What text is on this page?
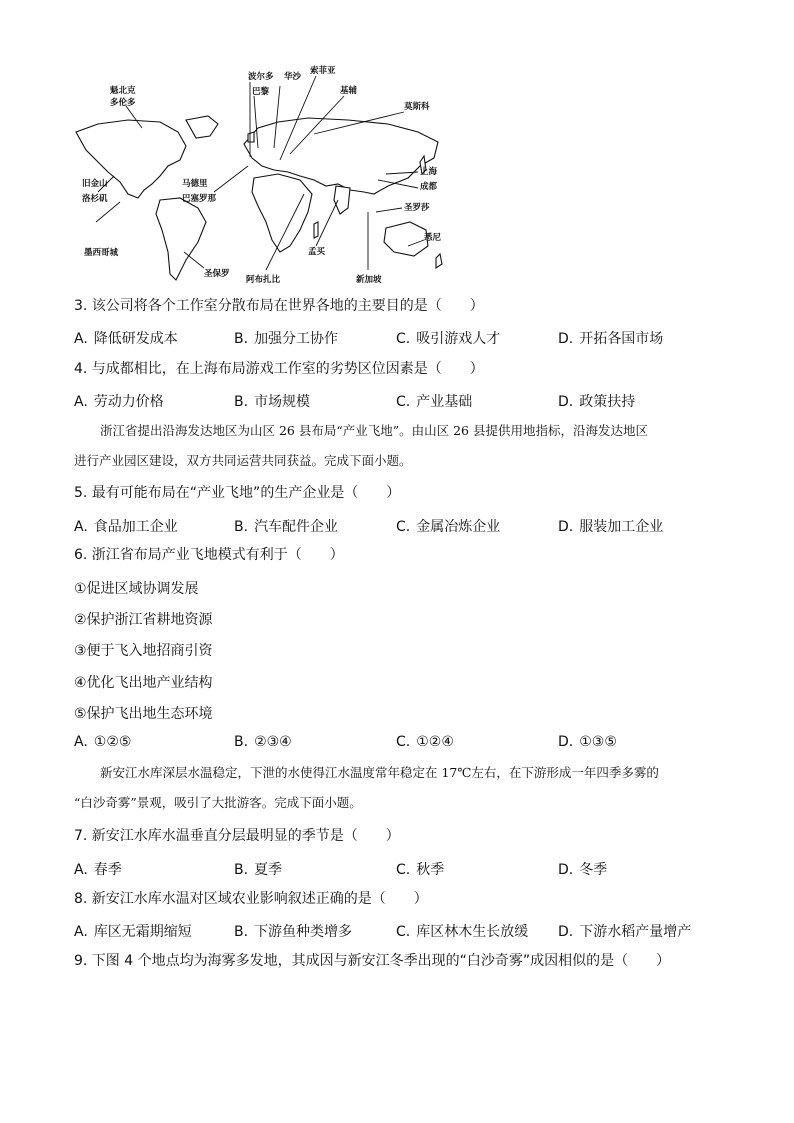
魁北克
多伦多
波尔多
巴黎
华沙
索菲亚
基辅
莫斯科
旧金山
洛杉矶
马德里
巴塞罗那
墨西哥城
圣保罗
阿布扎比
孟买
新加坡
上海
成都
圣罗莎
悉尼
3. 该公司将各个工作室分散布局在世界各地的主要目的是（　　）
A. 降低研发成本	B. 加强分工协作	C. 吸引游戏人才	D. 开拓各国市场
4. 与成都相比，在上海布局游戏工作室的劣势区位因素是（　　）
A. 劳动力价格	B. 市场规模	C. 产业基础	D. 政策扶持

浙江省提出沿海发达地区为山区 26 县布局“产业飞地”。由山区 26 县提供用地指标，沿海发达地区

进行产业园区建设，双方共同运营共同获益。完成下面小题。

5. 最有可能布局在“产业飞地”的生产企业是（　　）
A. 食品加工企业	B. 汽车配件企业	C. 金属冶炼企业	D. 服装加工企业
6. 浙江省布局产业飞地模式有利于（　　）
①促进区域协调发展
②保护浙江省耕地资源
③便于飞入地招商引资
④优化飞出地产业结构
⑤保护飞出地生态环境
A. ①②⑤	B. ②③④	C. ①②④	D. ①③⑤

新安江水库深层水温稳定，下泄的水使得江水温度常年稳定在 17℃左右，在下游形成一年四季多雾的

“白沙奇雾”景观，吸引了大批游客。完成下面小题。

7. 新安江水库水温垂直分层最明显的季节是（　　）
A. 春季	B. 夏季	C. 秋季	D. 冬季
8. 新安江水库水温对区域农业影响叙述正确的是（　　）
A. 库区无霜期缩短	B. 下游鱼种类增多	C. 库区林木生长放缓 D. 下游水稻产量增产
9. 下图 4 个地点均为海雾多发地，其成因与新安江冬季出现的“白沙奇雾”成因相似的是（　　）
